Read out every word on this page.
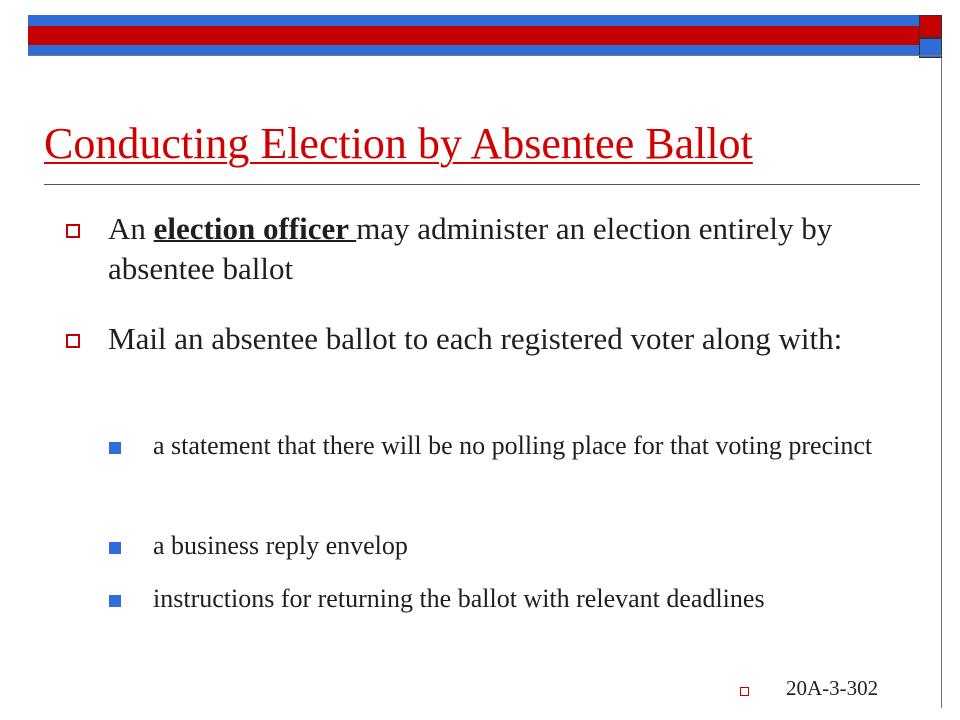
Conducting Election by Absentee Ballot
An election officer may administer an election entirely by absentee ballot
Mail an absentee ballot to each registered voter along with:
a statement that there will be no polling place for that voting precinct
a business reply envelop
instructions for returning the ballot with relevant deadlines
20A-3-302
